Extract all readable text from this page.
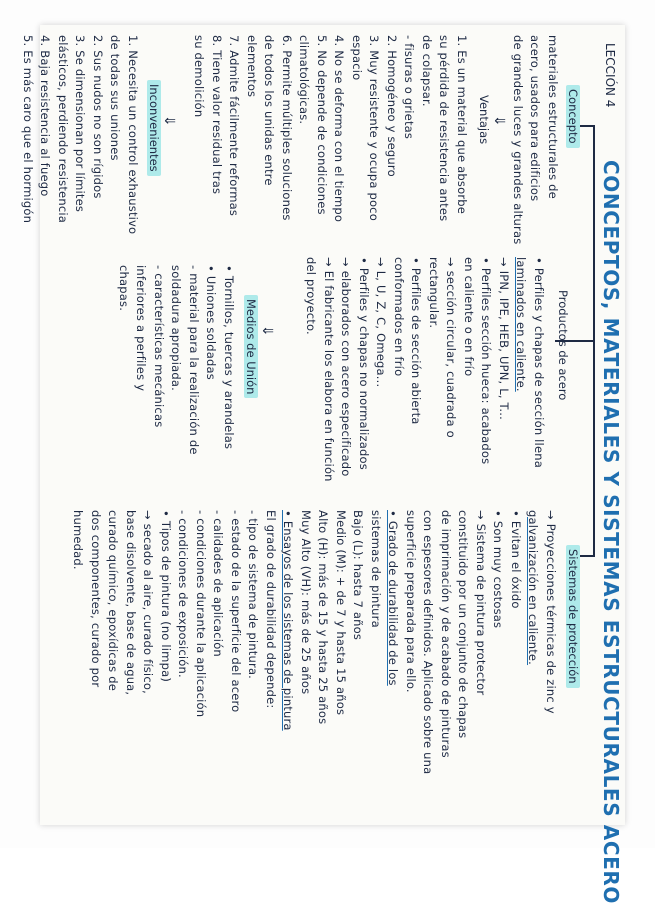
LECCIÓN 4
CONCEPTOS, MATERIALES Y SISTEMAS ESTRUCTURALES ACERO
Concepto
materiales estructurales de
acero, usados para edificios
de grandes luces y grandes alturas
⇓
Ventajas
1. Es un material que absorbe
su pérdida de resistencia antes
de colapsar.
- fisuras o grietas
2. Homogéneo y seguro
3. Muy resistente y ocupa poco
espacio
4. No se deforma con el tiempo
5. No depende de condiciones
climatológicas.
6. Permite múltiples soluciones
de todos los unidas entre elementos
7. Admite fácilmente reformas
8. Tiene valor residual tras
su demolición
⇓
Inconvenientes
1. Necesita un control exhaustivo
de todas sus uniones
2. Sus nudos no son rígidos
3. Se dimensionan por límites
elásticos, perdiendo resistencia
4. Baja resistencia al fuego
5. Es más caro que el hormigón
Productos de acero
• Perfiles y chapas de sección llena
laminados en caliente.
→ IPN, IPE, HEB, UPN, L, T...
• Perfiles sección hueca: acabados
en caliente o en frío
→ sección circular, cuadrada o
rectangular.
• Perfiles de sección abierta
conformados en frío
→ L, U, Z, C, Omega...
• Perfiles y chapas no normalizados
→ elaborados con acero especificado
→ El fabricante los elabora en función
del proyecto.
⇓
Medios de Unión
• Tornillos, tuercas y arandelas
• Uniones soldadas
- material para la realización de
soldadura apropiada.
- características mecánicas
inferiores a perfiles y
chapas.
Sistemas de protección
→ Proyecciones térmicas de zinc y
galvanización en caliente.
• Evitan el óxido
• Son muy costosas
→ Sistema de pintura protector
constituido por un conjunto de chapas
de imprimación y de acabado de pinturas
con espesores definidos. Aplicado sobre una
superficie preparada para ello.
• Grado de durabilidad de los
sistemas de pintura
Bajo (L): hasta 7 años
Medio (M): + de 7 y hasta 15 años
Alto (H): más de 15 y hasta 25 años
Muy Alto (VH): más de 25 años
• Ensayos de los sistemas de pintura
El grado de durabilidad depende:
- tipo de sistema de pintura.
- estado de la superficie del acero
- calidades de aplicación
- condiciones durante la aplicación
- condiciones de exposición.
• Tipos de pintura (no limpa)
→ secado al aire, curado físico,
base disolvente, base de agua,
curado químico, epoxídicas de
dos componentes, curado por
humedad.
